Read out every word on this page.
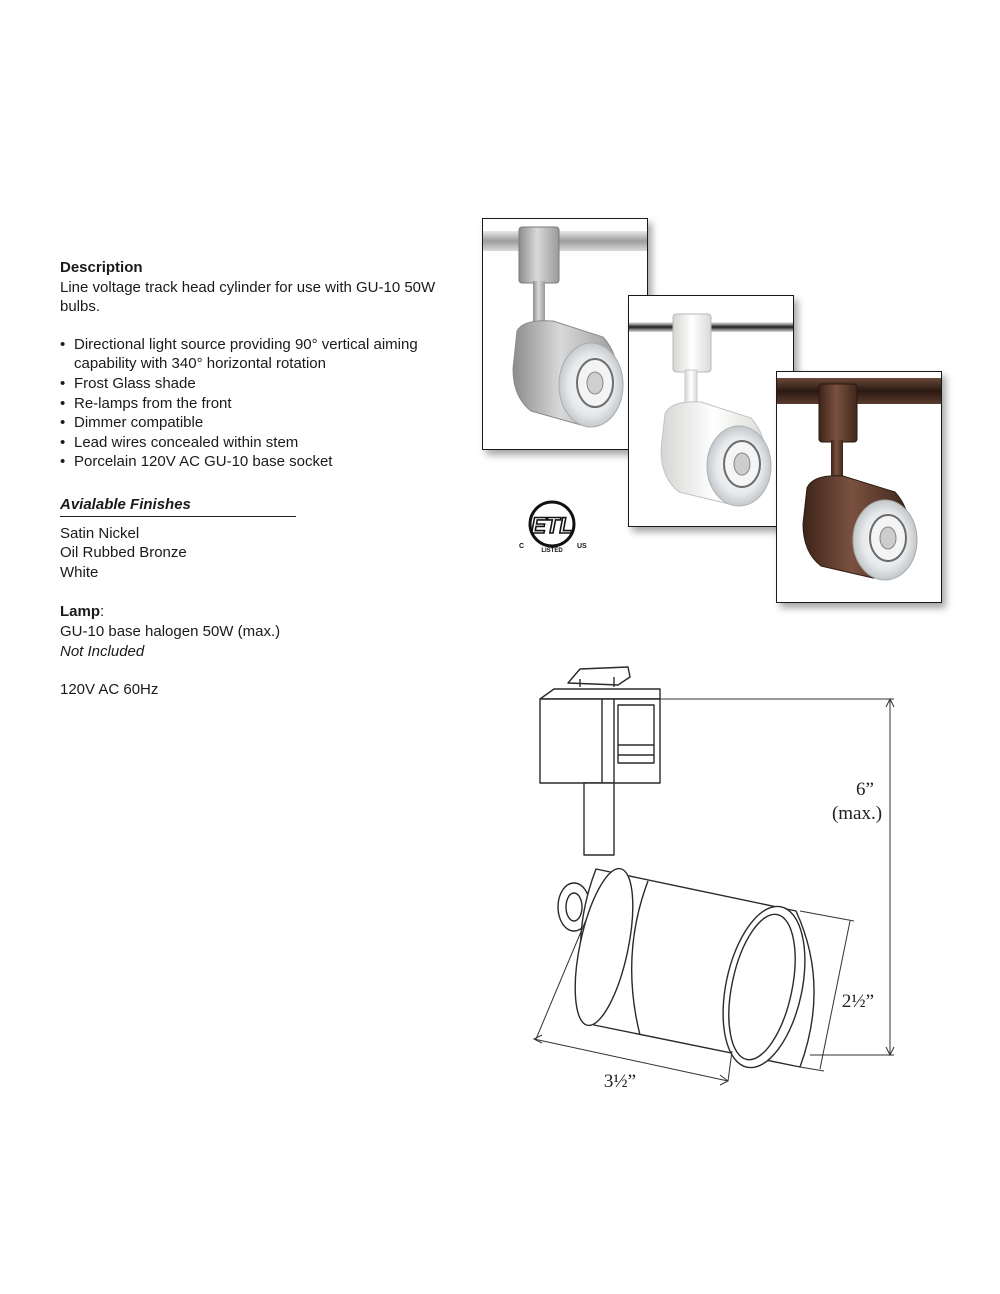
Description

Line voltage track head cylinder for use with GU-10 50W bulbs.

• Directional light source providing 90° vertical aiming capability with 340° horizontal rotation
• Frost Glass shade
• Re-lamps from the front
• Dimmer compatible
• Lead wires concealed within stem
• Porcelain 120V AC GU-10 base socket
Avialable Finishes
Satin Nickel
Oil Rubbed Bronze
White
Lamp:
GU-10 base halogen 50W (max.)
Not Included
120V AC 60Hz
ETL
C
LISTED
US
6”
(max.)
2½”
3½”
